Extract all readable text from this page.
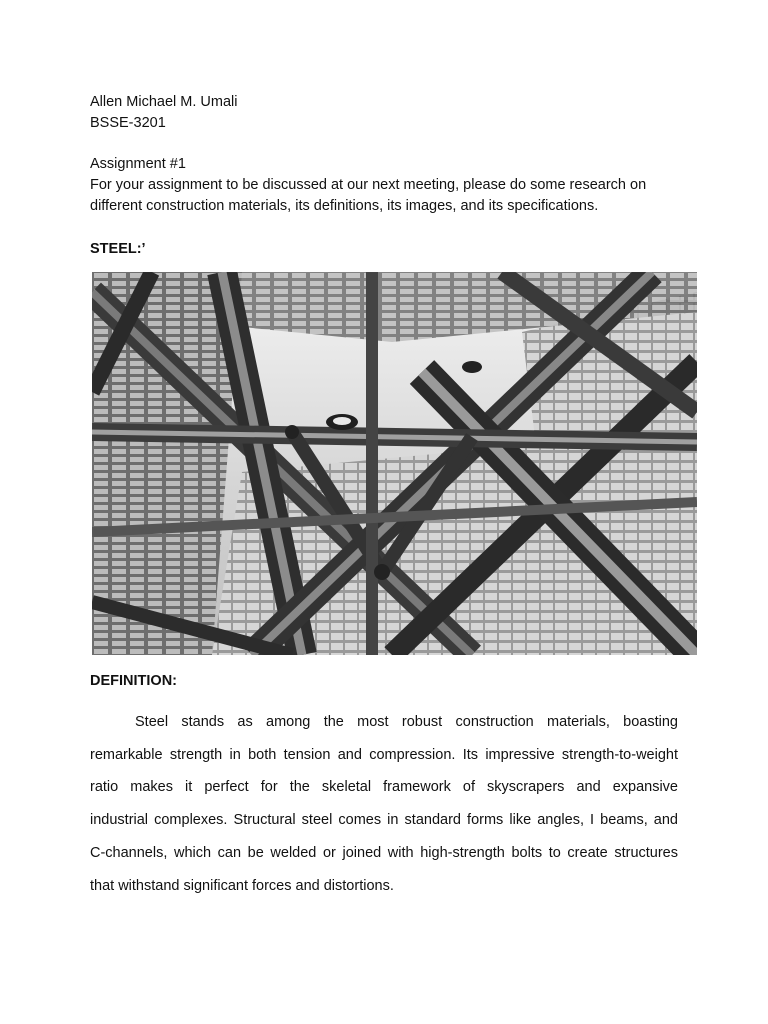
Allen Michael M. Umali
BSSE-3201
Assignment #1
For your assignment to be discussed at our next meeting, please do some research on
different construction materials, its definitions, its images, and its specifications.
STEEL:’
DEFINITION:
Steel stands as among the most robust construction materials, boasting
remarkable strength in both tension and compression. Its impressive strength-to-weight
ratio makes it perfect for the skeletal framework of skyscrapers and expansive
industrial complexes. Structural steel comes in standard forms like angles, I beams, and
C-channels, which can be welded or joined with high-strength bolts to create structures
that withstand significant forces and distortions.
